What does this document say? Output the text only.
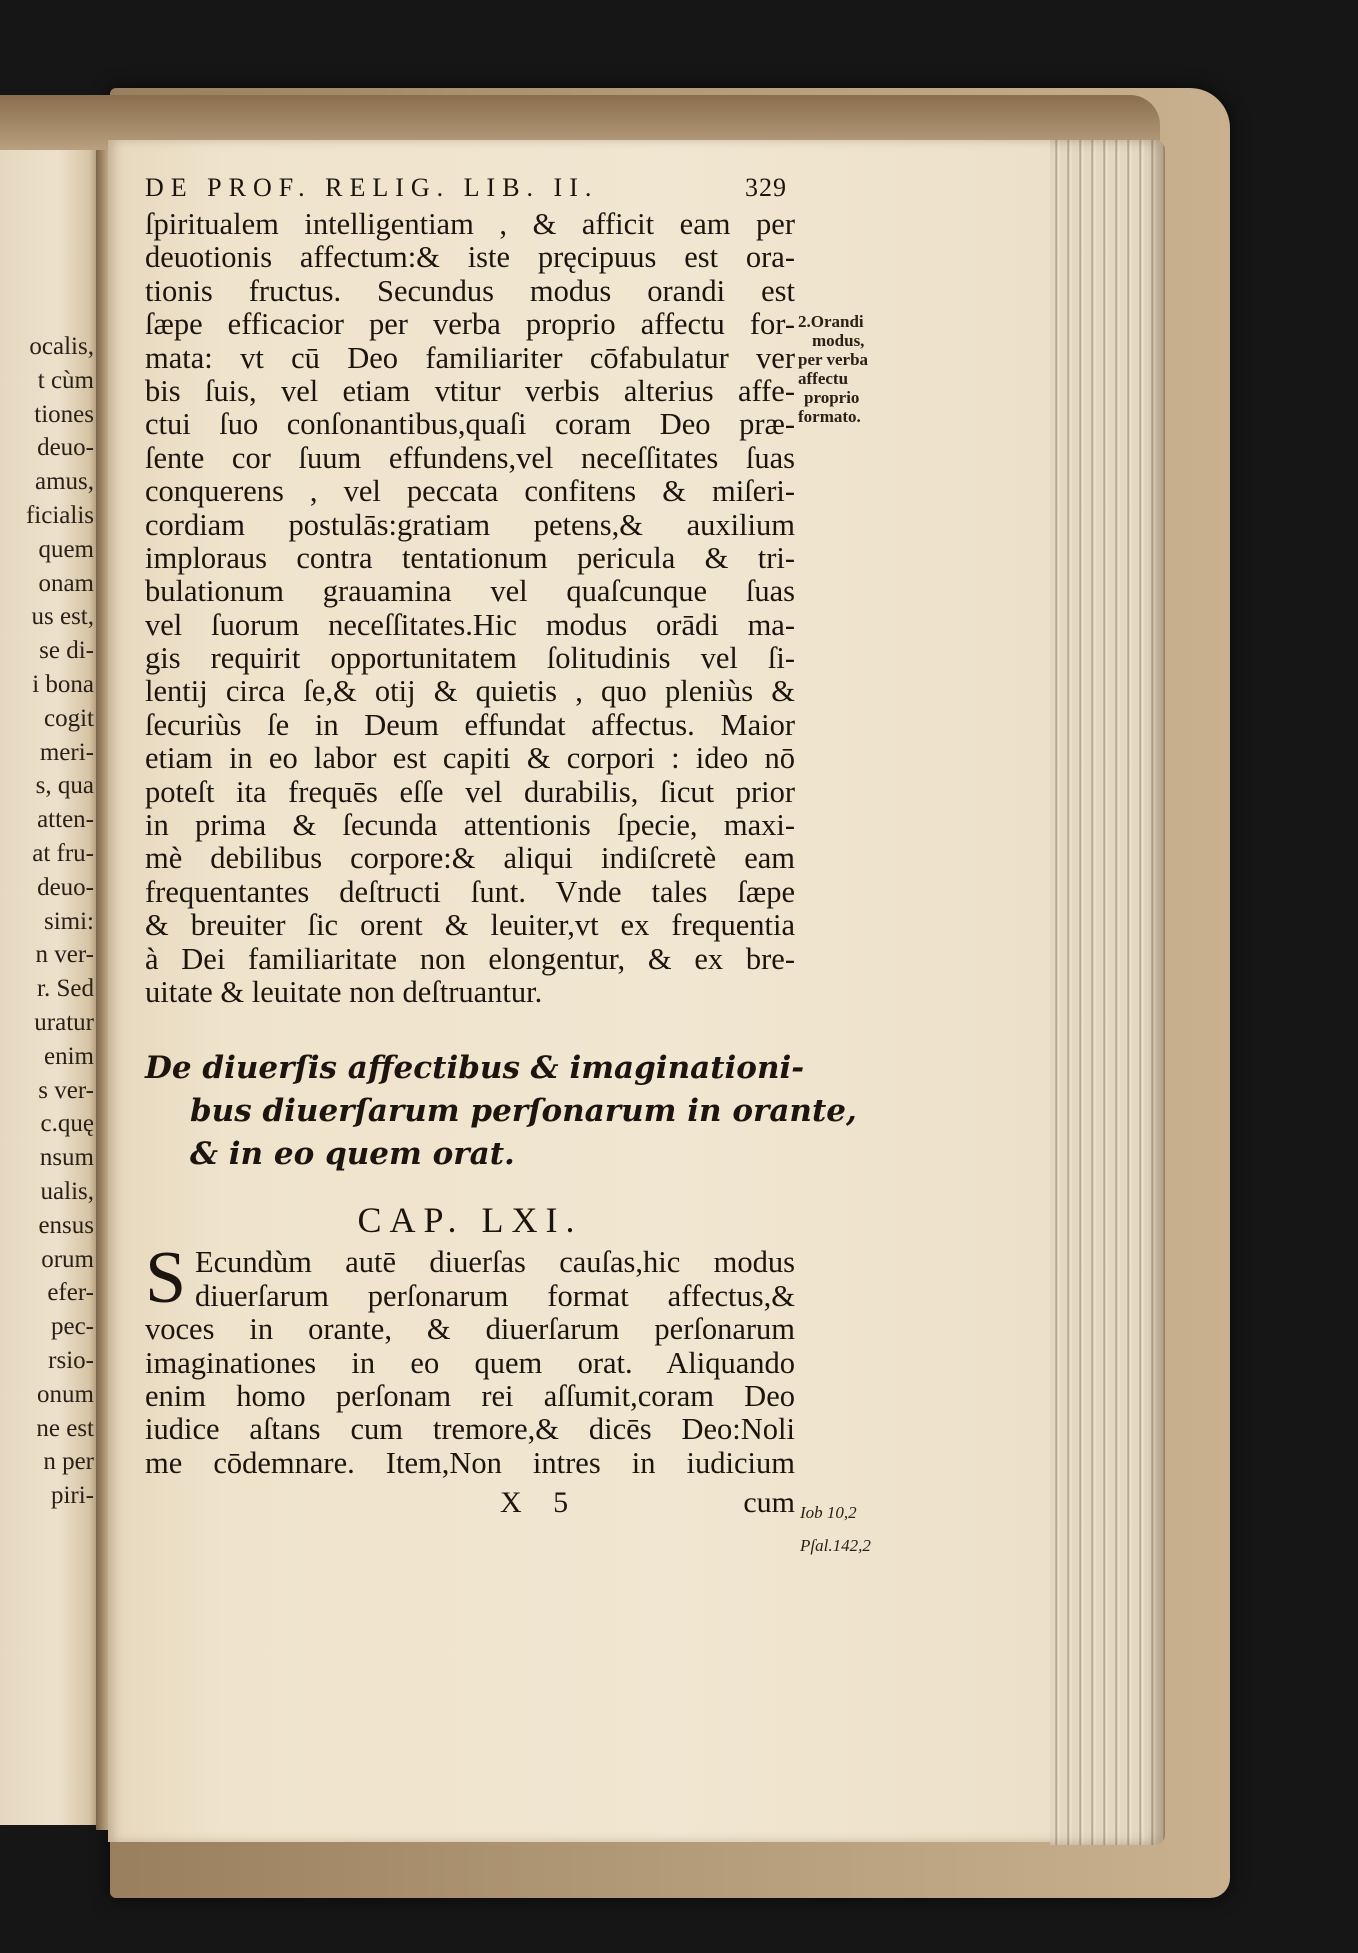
ocalis,
t cùm
tiones
deuo-
amus,
ficialis
quem
onam
us est,
se di-
i bona
cogit
meri-
s, qua
atten-
at fru-
deuo-
simi:
n ver-
r. Sed
uratur
enim
s ver-
c.quę
nsum
ualis,
ensus
orum
efer-
pec-
rsio-
onum
ne est
n per
piri-
DE PROF. RELIG. LIB. II.	329
ſpiritualem intelligentiam , & afficit eam per
deuotionis affectum:& iste pręcipuus est ora-
tionis fructus. Secundus modus orandi est
ſæpe efficacior per verba proprio affectu for-
mata: vt cū Deo familiariter cōfabulatur ver
bis ſuis, vel etiam vtitur verbis alterius affe-
ctui ſuo conſonantibus,quaſi coram Deo præ-
ſente cor ſuum effundens,vel neceſſitates ſuas
conquerens , vel peccata confitens & miſeri-
cordiam postulās:gratiam petens,& auxilium
imploraus contra tentationum pericula & tri-
bulationum grauamina vel quaſcunque ſuas
vel ſuorum neceſſitates.Hic modus orādi ma-
gis requirit opportunitatem ſolitudinis vel ſi-
lentij circa ſe,& otij & quietis , quo pleniùs &
ſecuriùs ſe in Deum effundat affectus. Maior
etiam in eo labor est capiti & corpori : ideo nō
poteſt ita frequēs eſſe vel durabilis, ſicut prior
in prima & ſecunda attentionis ſpecie, maxi-
mè debilibus corpore:& aliqui indiſcretè eam
frequentantes deſtructi ſunt. Vnde tales ſæpe
& breuiter ſic orent & leuiter,vt ex frequentia
à Dei familiaritate non elongentur, & ex bre-
uitate & leuitate non deſtruantur.
De diuerſis affectibus & imaginationi-
bus diuerſarum perſonarum in orante,
& in eo quem orat.
CAP. LXI.
S Ecundùm autē diuerſas cauſas,hic modus
diuerſarum perſonarum format affectus,&
voces in orante, & diuerſarum perſonarum
imaginationes in eo quem orat. Aliquando
enim homo perſonam rei aſſumit,coram Deo
iudice aſtans cum tremore,& dicēs Deo:Noli
me cōdemnare. Item,Non intres in iudicium
X 5	cum
2.Orandi
modus,
per verba
affectu
proprio
formato.
Iob 10,2
Pſal.142,2
